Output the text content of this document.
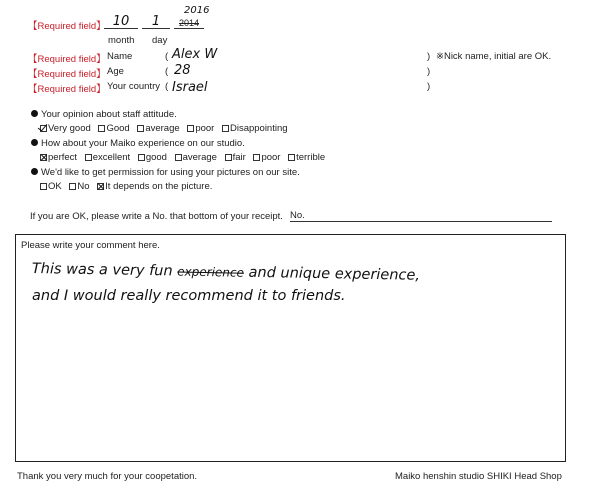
【Required field】 10	1	2014
2016
month day
【Required field】 Name	( Alex W	) ※Nick name, initial are OK.
【Required field】 Age	( 28	)
【Required field】 Your country ( Israel	)
Your opinion about staff attitude.
Very good Good average poor Disappointing
How about your Maiko experience on our studio.
perfect excellent good average fair poor terrible
We'd like to get permission for using your pictures on our site.
OK No It depends on the picture.
If you are OK, please write a No. that bottom of your receipt. No.
Please write your comment here.
This was a very fun experience and unique experience,
and I would really recommend it to friends.
Thank you very much for your coopetation.	Maiko henshin studio SHIKI Head Shop
